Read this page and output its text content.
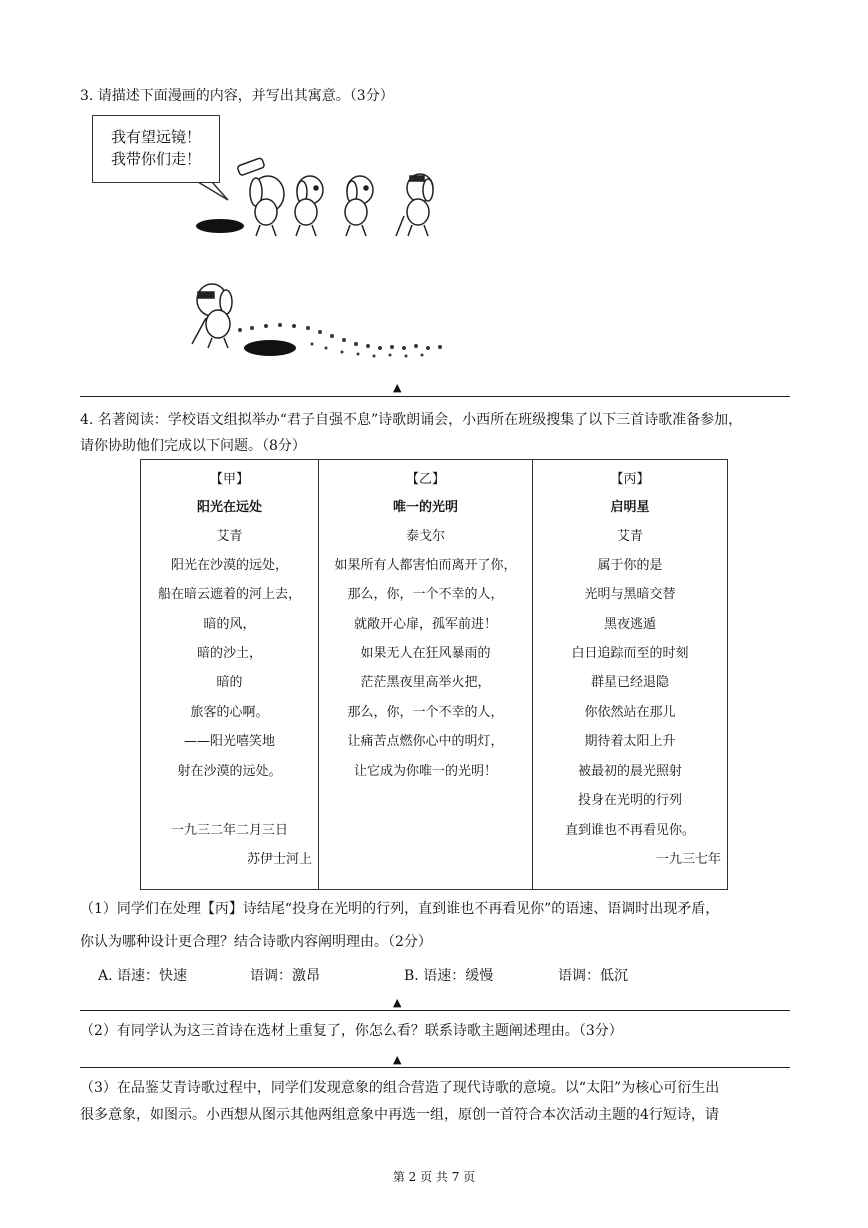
3. 请描述下面漫画的内容，并写出其寓意。（3分）
我有望远镜！
我带你们走！
▲
4. 名著阅读：学校语文组拟举办“君子自强不息”诗歌朗诵会，小西所在班级搜集了以下三首诗歌准备参加，
请你协助他们完成以下问题。（8分）
【甲】
阳光在远处
艾青
阳光在沙漠的远处，
船在暗云遮着的河上去，
暗的风，
暗的沙土，
暗的
旅客的心啊。
——阳光嘻笑地
射在沙漠的远处。
一九三二年二月三日
苏伊士河上
【乙】
唯一的光明
泰戈尔
如果所有人都害怕而离开了你，
那么，你，一个不幸的人，
就敞开心扉，孤军前进！
如果无人在狂风暴雨的
茫茫黑夜里高举火把，
那么，你，一个不幸的人，
让痛苦点燃你心中的明灯，
让它成为你唯一的光明！
【丙】
启明星
艾青
属于你的是
光明与黑暗交替
黑夜逃遁
白日追踪而至的时刻
群星已经退隐
你依然站在那儿
期待着太阳上升
被最初的晨光照射
投身在光明的行列
直到谁也不再看见你。
一九三七年
（1）同学们在处理【丙】诗结尾“投身在光明的行列，直到谁也不再看见你”的语速、语调时出现矛盾，
你认为哪种设计更合理？结合诗歌内容阐明理由。（2分）
A. 语速：快速	语调：激昂	B. 语速：缓慢	语调：低沉
▲
（2）有同学认为这三首诗在选材上重复了，你怎么看？联系诗歌主题阐述理由。（3分）
▲
（3）在品鉴艾青诗歌过程中，同学们发现意象的组合营造了现代诗歌的意境。以“太阳”为核心可衍生出
很多意象，如图示。小西想从图示其他两组意象中再选一组，原创一首符合本次活动主题的4行短诗，请
第 2 页 共 7 页
